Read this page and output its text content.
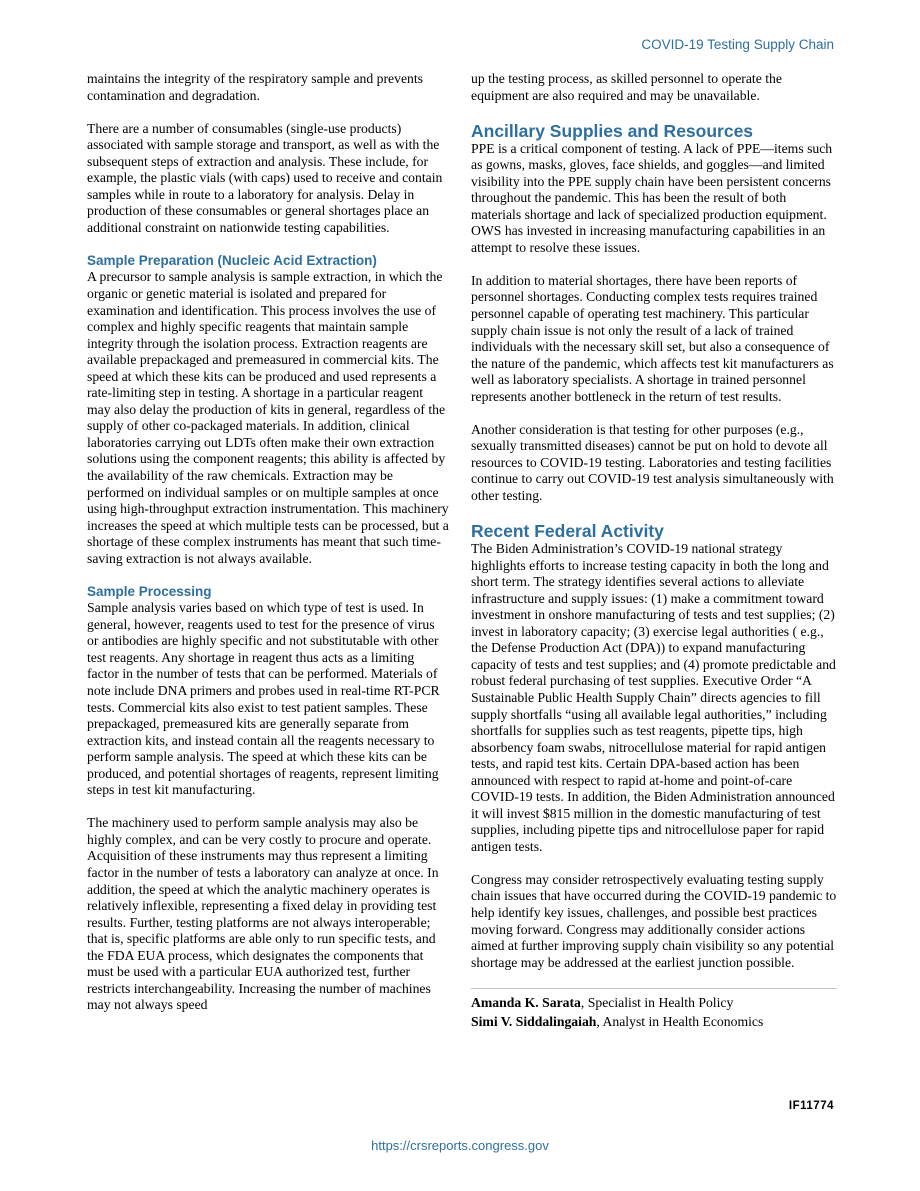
COVID-19 Testing Supply Chain

maintains the integrity of the respiratory sample and prevents contamination and degradation.

There are a number of consumables (single-use products) associated with sample storage and transport, as well as with the subsequent steps of extraction and analysis. These include, for example, the plastic vials (with caps) used to receive and contain samples while in route to a laboratory for analysis. Delay in production of these consumables or general shortages place an additional constraint on nationwide testing capabilities.

Sample Preparation (Nucleic Acid Extraction)

A precursor to sample analysis is sample extraction, in which the organic or genetic material is isolated and prepared for examination and identification. This process involves the use of complex and highly specific reagents that maintain sample integrity through the isolation process. Extraction reagents are available prepackaged and premeasured in commercial kits. The speed at which these kits can be produced and used represents a rate-limiting step in testing. A shortage in a particular reagent may also delay the production of kits in general, regardless of the supply of other co-packaged materials. In addition, clinical laboratories carrying out LDTs often make their own extraction solutions using the component reagents; this ability is affected by the availability of the raw chemicals. Extraction may be performed on individual samples or on multiple samples at once using high-throughput extraction instrumentation. This machinery increases the speed at which multiple tests can be processed, but a shortage of these complex instruments has meant that such time-saving extraction is not always available.

Sample Processing

Sample analysis varies based on which type of test is used. In general, however, reagents used to test for the presence of virus or antibodies are highly specific and not substitutable with other test reagents. Any shortage in reagent thus acts as a limiting factor in the number of tests that can be performed. Materials of note include DNA primers and probes used in real-time RT-PCR tests. Commercial kits also exist to test patient samples. These prepackaged, premeasured kits are generally separate from extraction kits, and instead contain all the reagents necessary to perform sample analysis. The speed at which these kits can be produced, and potential shortages of reagents, represent limiting steps in test kit manufacturing.

The machinery used to perform sample analysis may also be highly complex, and can be very costly to procure and operate. Acquisition of these instruments may thus represent a limiting factor in the number of tests a laboratory can analyze at once. In addition, the speed at which the analytic machinery operates is relatively inflexible, representing a fixed delay in providing test results. Further, testing platforms are not always interoperable; that is, specific platforms are able only to run specific tests, and the FDA EUA process, which designates the components that must be used with a particular EUA authorized test, further restricts interchangeability. Increasing the number of machines may not always speed

up the testing process, as skilled personnel to operate the equipment are also required and may be unavailable.

Ancillary Supplies and Resources

PPE is a critical component of testing. A lack of PPE—items such as gowns, masks, gloves, face shields, and goggles—and limited visibility into the PPE supply chain have been persistent concerns throughout the pandemic. This has been the result of both materials shortage and lack of specialized production equipment. OWS has invested in increasing manufacturing capabilities in an attempt to resolve these issues.

In addition to material shortages, there have been reports of personnel shortages. Conducting complex tests requires trained personnel capable of operating test machinery. This particular supply chain issue is not only the result of a lack of trained individuals with the necessary skill set, but also a consequence of the nature of the pandemic, which affects test kit manufacturers as well as laboratory specialists. A shortage in trained personnel represents another bottleneck in the return of test results.

Another consideration is that testing for other purposes (e.g., sexually transmitted diseases) cannot be put on hold to devote all resources to COVID-19 testing. Laboratories and testing facilities continue to carry out COVID-19 test analysis simultaneously with other testing.

Recent Federal Activity

The Biden Administration’s COVID-19 national strategy highlights efforts to increase testing capacity in both the long and short term. The strategy identifies several actions to alleviate infrastructure and supply issues: (1) make a commitment toward investment in onshore manufacturing of tests and test supplies; (2) invest in laboratory capacity; (3) exercise legal authorities ( e.g., the Defense Production Act (DPA)) to expand manufacturing capacity of tests and test supplies; and (4) promote predictable and robust federal purchasing of test supplies. Executive Order “A Sustainable Public Health Supply Chain” directs agencies to fill supply shortfalls “using all available legal authorities,” including shortfalls for supplies such as test reagents, pipette tips, high absorbency foam swabs, nitrocellulose material for rapid antigen tests, and rapid test kits. Certain DPA-based action has been announced with respect to rapid at-home and point-of-care COVID-19 tests. In addition, the Biden Administration announced it will invest $815 million in the domestic manufacturing of test supplies, including pipette tips and nitrocellulose paper for rapid antigen tests.

Congress may consider retrospectively evaluating testing supply chain issues that have occurred during the COVID-19 pandemic to help identify key issues, challenges, and possible best practices moving forward. Congress may additionally consider actions aimed at further improving supply chain visibility so any potential shortage may be addressed at the earliest junction possible.

Amanda K. Sarata, Specialist in Health Policy
Simi V. Siddalingaiah, Analyst in Health Economics
IF11774
https://crsreports.congress.gov
